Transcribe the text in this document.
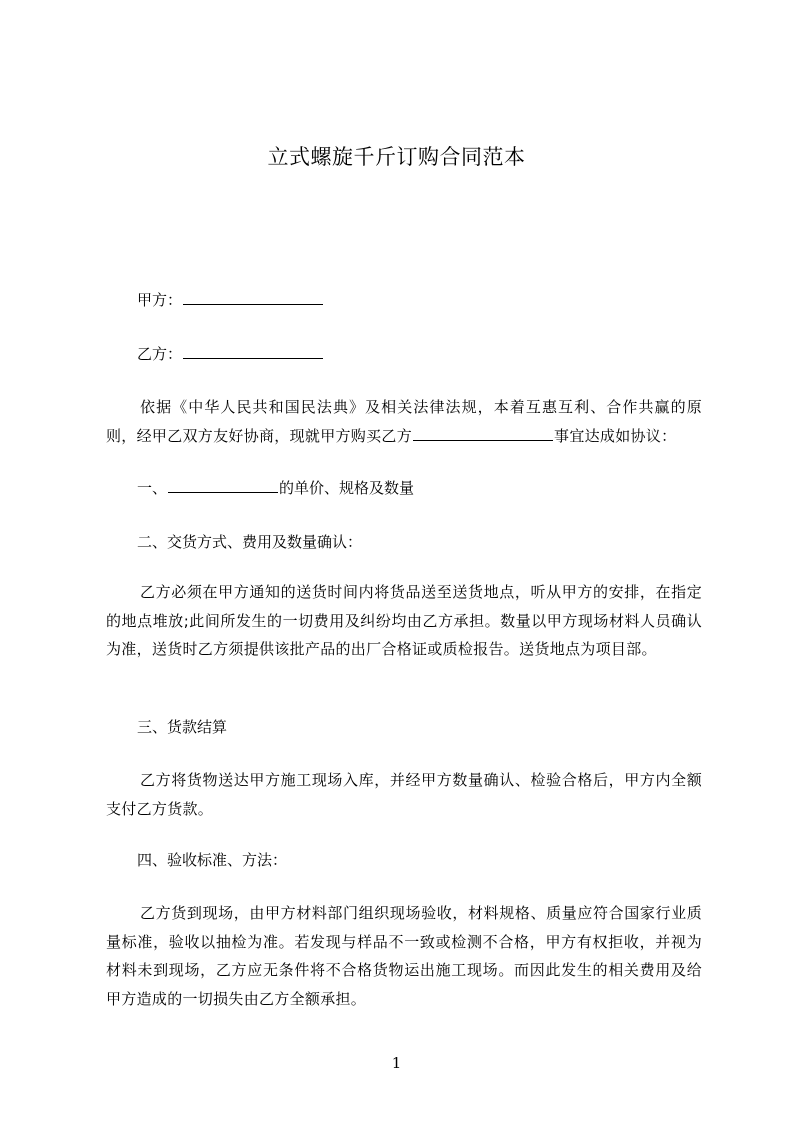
立式螺旋千斤订购合同范本
甲方：
乙方：
依据《中华人民共和国民法典》及相关法律法规，本着互惠互利、合作共赢的原则，经甲乙双方友好协商，现就甲方购买乙方	事宜达成如协议：
一、	的单价、规格及数量
二、交货方式、费用及数量确认：
乙方必须在甲方通知的送货时间内将货品送至送货地点，听从甲方的安排，在指定的地点堆放;此间所发生的一切费用及纠纷均由乙方承担。数量以甲方现场材料人员确认为准，送货时乙方须提供该批产品的出厂合格证或质检报告。送货地点为项目部。
三、货款结算
乙方将货物送达甲方施工现场入库，并经甲方数量确认、检验合格后，甲方内全额支付乙方货款。
四、验收标准、方法：
乙方货到现场，由甲方材料部门组织现场验收，材料规格、质量应符合国家行业质量标准，验收以抽检为准。若发现与样品不一致或检测不合格，甲方有权拒收，并视为材料未到现场，乙方应无条件将不合格货物运出施工现场。而因此发生的相关费用及给甲方造成的一切损失由乙方全额承担。
1
